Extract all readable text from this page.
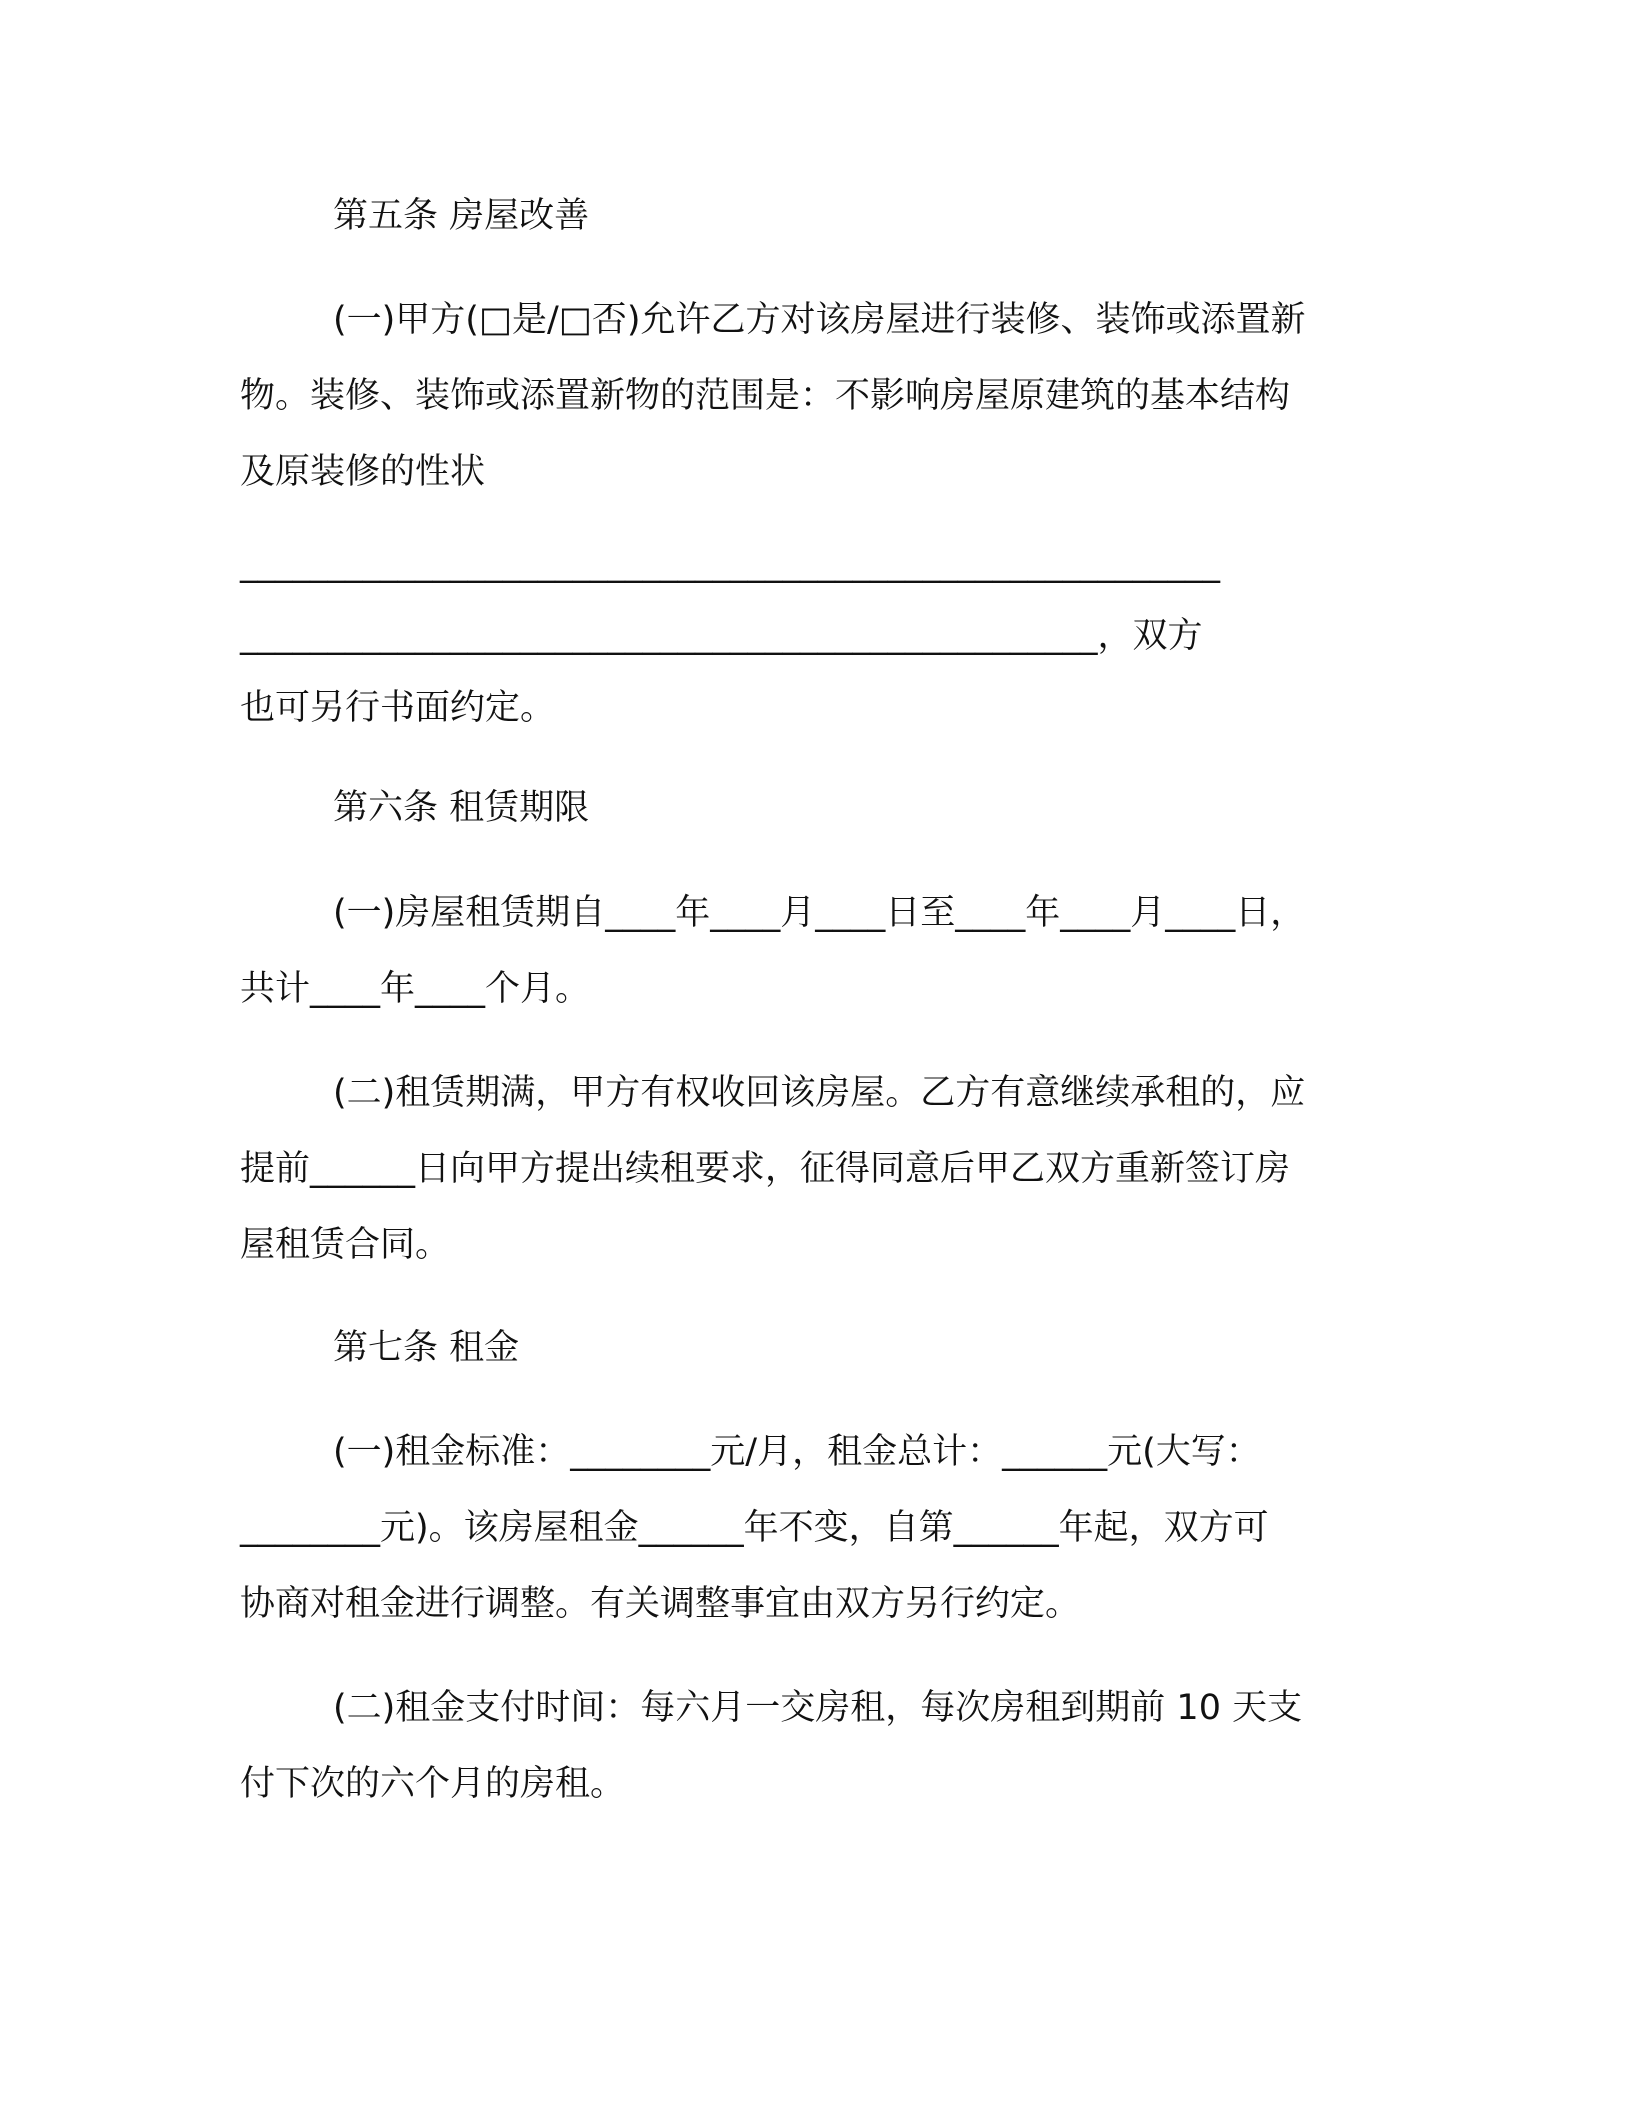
第五条 房屋改善
(一)甲方(□是/□否)允许乙方对该房屋进行装修、装饰或添置新
物。装修、装饰或添置新物的范围是：不影响房屋原建筑的基本结构
及原装修的性状
________________________________________________________
_________________________________________________，双方
也可另行书面约定。
第六条 租赁期限
(一)房屋租赁期自____年____月____日至____年____月____日，
共计____年____个月。
(二)租赁期满，甲方有权收回该房屋。乙方有意继续承租的，应
提前______日向甲方提出续租要求，征得同意后甲乙双方重新签订房
屋租赁合同。
第七条 租金
(一)租金标准：________元/月，租金总计：______元(大写：
________元)。该房屋租金______年不变，自第______年起，双方可
协商对租金进行调整。有关调整事宜由双方另行约定。
(二)租金支付时间：每六月一交房租，每次房租到期前 10 天支
付下次的六个月的房租。
